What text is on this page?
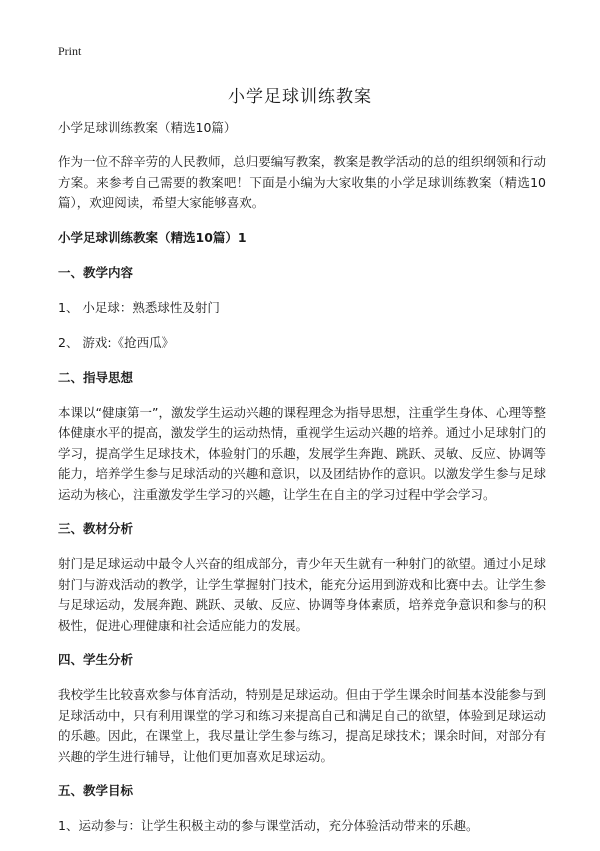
Print
小学足球训练教案
小学足球训练教案（精选10篇）

作为一位不辞辛劳的人民教师，总归要编写教案，教案是教学活动的总的组织纲领和行动方案。来参考自己需要的教案吧！下面是小编为大家收集的小学足球训练教案（精选10篇），欢迎阅读，希望大家能够喜欢。

小学足球训练教案（精选10篇）1
一、教学内容
1、 小足球：熟悉球性及射门
2、 游戏:《抢西瓜》
二、指导思想

本课以“健康第一”，激发学生运动兴趣的课程理念为指导思想，注重学生身体、心理等整体健康水平的提高，激发学生的运动热情，重视学生运动兴趣的培养。通过小足球射门的学习，提高学生足球技术，体验射门的乐趣，发展学生奔跑、跳跃、灵敏、反应、协调等能力，培养学生参与足球活动的兴趣和意识，以及团结协作的意识。以激发学生参与足球运动为核心，注重激发学生学习的兴趣，让学生在自主的学习过程中学会学习。

三、教材分析

射门是足球运动中最令人兴奋的组成部分，青少年天生就有一种射门的欲望。通过小足球射门与游戏活动的教学，让学生掌握射门技术，能充分运用到游戏和比赛中去。让学生参与足球运动，发展奔跑、跳跃、灵敏、反应、协调等身体素质，培养竞争意识和参与的积极性，促进心理健康和社会适应能力的发展。

四、学生分析

我校学生比较喜欢参与体育活动，特别是足球运动。但由于学生课余时间基本没能参与到足球活动中，只有利用课堂的学习和练习来提高自己和满足自己的欲望，体验到足球运动的乐趣。因此，在课堂上，我尽量让学生参与练习，提高足球技术；课余时间，对部分有兴趣的学生进行辅导，让他们更加喜欢足球运动。

五、教学目标
1、运动参与：让学生积极主动的参与课堂活动，充分体验活动带来的乐趣。
